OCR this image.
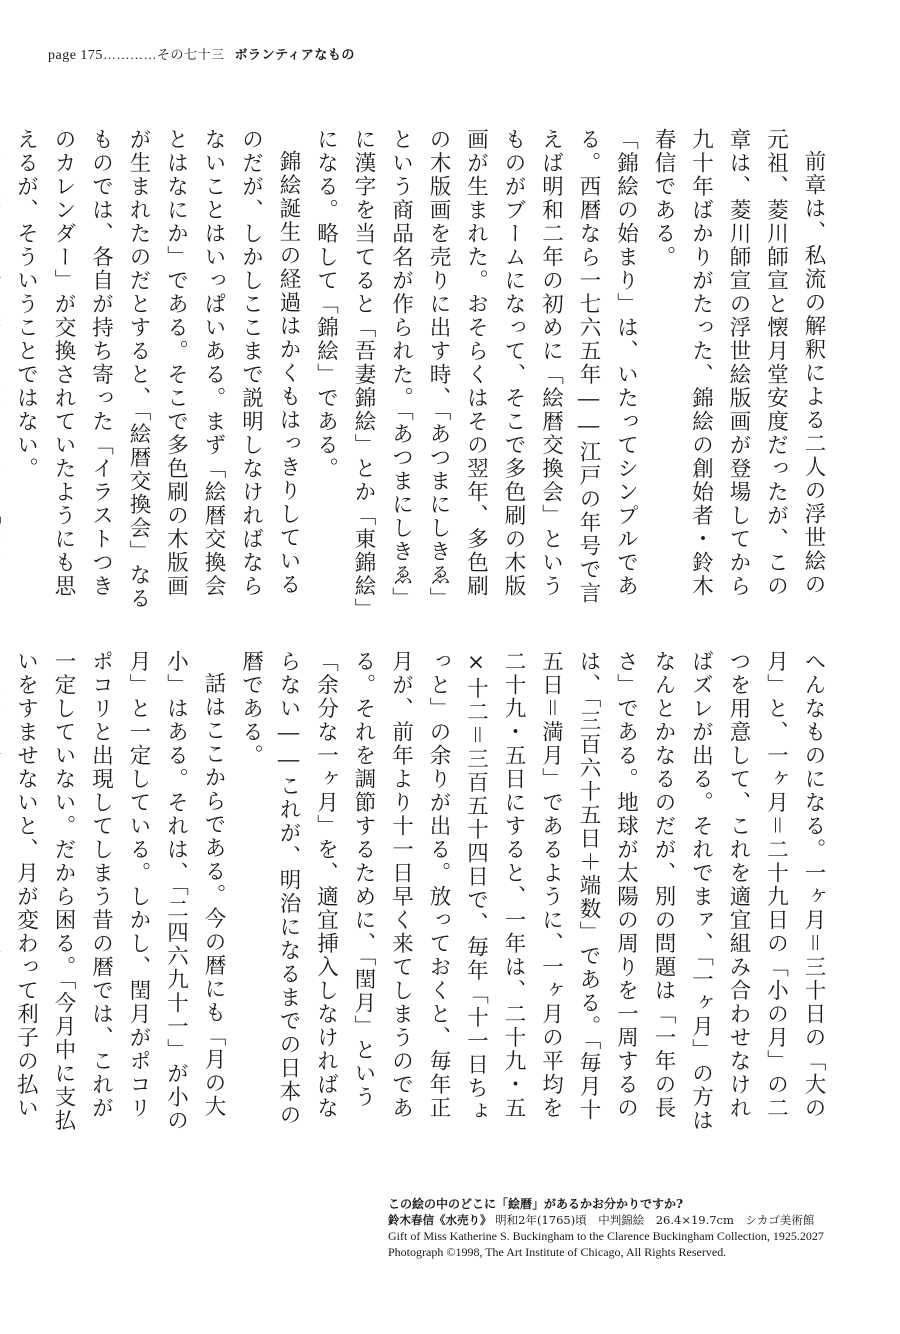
page 175…………その七十三 ボランティアなもの

前章は、私流の解釈による二人の浮世絵の元祖、菱川師宣と懐月堂安度だったが、この章は、菱川師宣の浮世絵版画が登場してから九十年ばかりがたった、錦絵の創始者・鈴木春信である。

「錦絵の始まり」は、いたってシンプルである。西暦なら一七六五年――江戸の年号で言えば明和二年の初めに「絵暦交換会」というものがブームになって、そこで多色刷の木版画が生まれた。おそらくはその翌年、多色刷の木版画を売りに出す時、「あつまにしきゑ」という商品名が作られた。「あつまにしきゑ」に漢字を当てると「吾妻錦絵」とか「東錦絵」になる。略して「錦絵」である。

錦絵誕生の経過はかくもはっきりしているのだが、しかしここまで説明しなければならないことはいっぱいある。まず「絵暦交換会とはなにか」である。そこで多色刷の木版画が生まれたのだとすると、「絵暦交換会」なるものでは、各自が持ち寄った「イラストつきのカレンダー」が交換されていたようにも思えるが、そういうことではない。

へんなものになる。一ヶ月＝三十日の「大の月」と、一ヶ月＝二十九日の「小の月」の二つを用意して、これを適宜組み合わせなければズレが出る。それでまァ、「一ヶ月」の方はなんとかなるのだが、別の問題は「一年の長さ」である。地球が太陽の周りを一周するのは、「三百六十五日＋端数」である。「毎月十五日＝満月」であるように、一ヶ月の平均を二十九・五日にすると、一年は、二十九・五×十二＝三百五十四日で、毎年「十一日ちょっと」の余りが出る。放っておくと、毎年正月が、前年より十一日早く来てしまうのである。それを調節するために、「閏月」という「余分な一ヶ月」を、適宜挿入しなければならない――これが、明治になるまでの日本の暦である。

話はここからである。今の暦にも「月の大小」はある。それは、「二四六九十一」が小の月」と一定している。しかし、閏月がポコリポコリと出現してしまう昔の暦では、これが一定していない。だから困る。「今月中に支払いをすませないと、月が変わって利子の払い

この絵の中のどこに「絵暦」があるかお分かりですか?
鈴木春信《水売り》 明和2年(1765)頃　中判錦絵　26.4×19.7cm　シカゴ美術館
Gift of Miss Katherine S. Buckingham to the Clarence Buckingham Collection, 1925.2027
Photograph ©1998, The Art Institute of Chicago, All Rights Reserved.
